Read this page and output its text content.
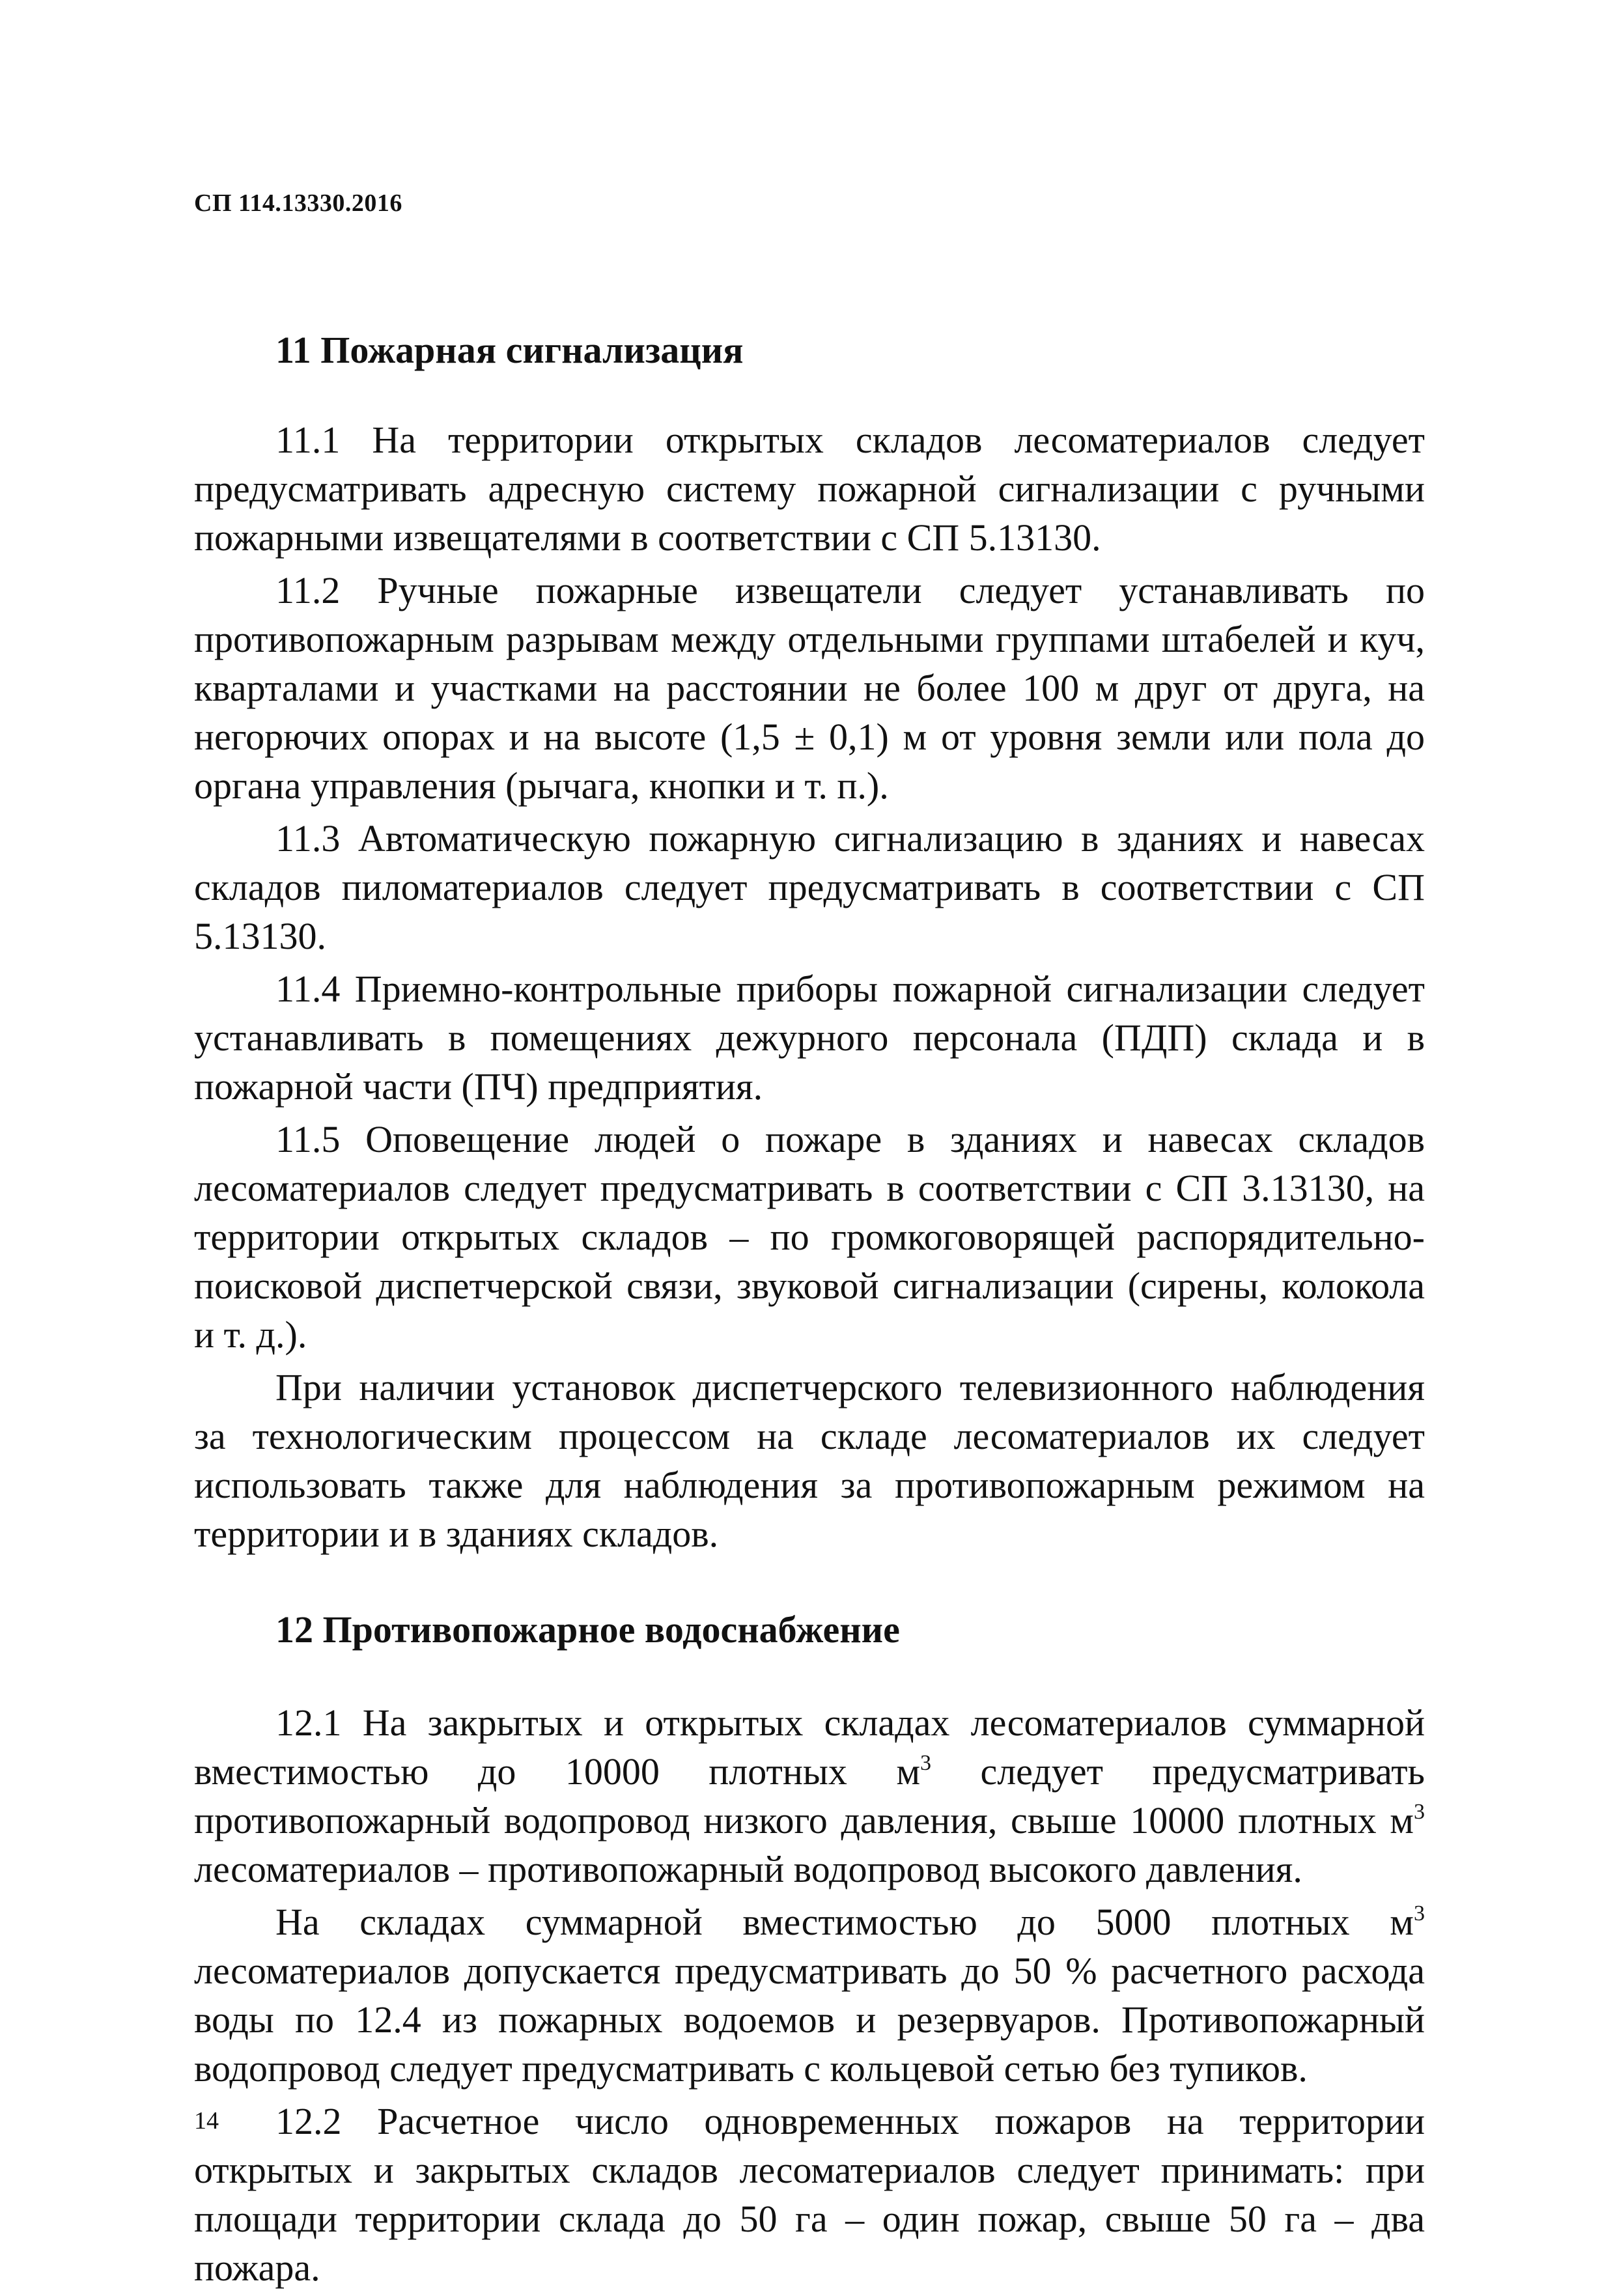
СП 114.13330.2016
11 Пожарная сигнализация

11.1 На территории открытых складов лесоматериалов следует предусматривать адресную систему пожарной сигнализации с ручными пожарными извещателями в соответствии с СП 5.13130.

11.2 Ручные пожарные извещатели следует устанавливать по противопожарным разрывам между отдельными группами штабелей и куч, кварталами и участками на расстоянии не более 100 м друг от друга, на негорючих опорах и на высоте (1,5 ± 0,1) м от уровня земли или пола до органа управления (рычага, кнопки и т. п.).

11.3 Автоматическую пожарную сигнализацию в зданиях и навесах складов пиломатериалов следует предусматривать в соответствии с СП 5.13130.

11.4 Приемно-контрольные приборы пожарной сигнализации следует устанавливать в помещениях дежурного персонала (ПДП) склада и в пожарной части (ПЧ) предприятия.

11.5 Оповещение людей о пожаре в зданиях и навесах складов лесоматериалов следует предусматривать в соответствии с СП 3.13130, на территории открытых складов – по громкоговорящей распорядительно-поисковой диспетчерской связи, звуковой сигнализации (сирены, колокола и т. д.).

При наличии установок диспетчерского телевизионного наблюдения за технологическим процессом на складе лесоматериалов их следует использовать также для наблюдения за противопожарным режимом на территории и в зданиях складов.

12 Противопожарное водоснабжение

12.1 На закрытых и открытых складах лесоматериалов суммарной вместимостью до 10000 плотных $м^3$ следует предусматривать противопожарный водопровод низкого давления, свыше 10000 плотных $м^3$ лесоматериалов – противопожарный водопровод высокого давления.

На складах суммарной вместимостью до 5000 плотных $м^3$ лесоматериалов допускается предусматривать до 50 % расчетного расхода воды по 12.4 из пожарных водоемов и резервуаров. Противопожарный водопровод следует предусматривать с кольцевой сетью без тупиков.

12.2 Расчетное число одновременных пожаров на территории открытых и закрытых складов лесоматериалов следует принимать: при площади территории склада до 50 га – один пожар, свыше 50 га – два пожара.

14
